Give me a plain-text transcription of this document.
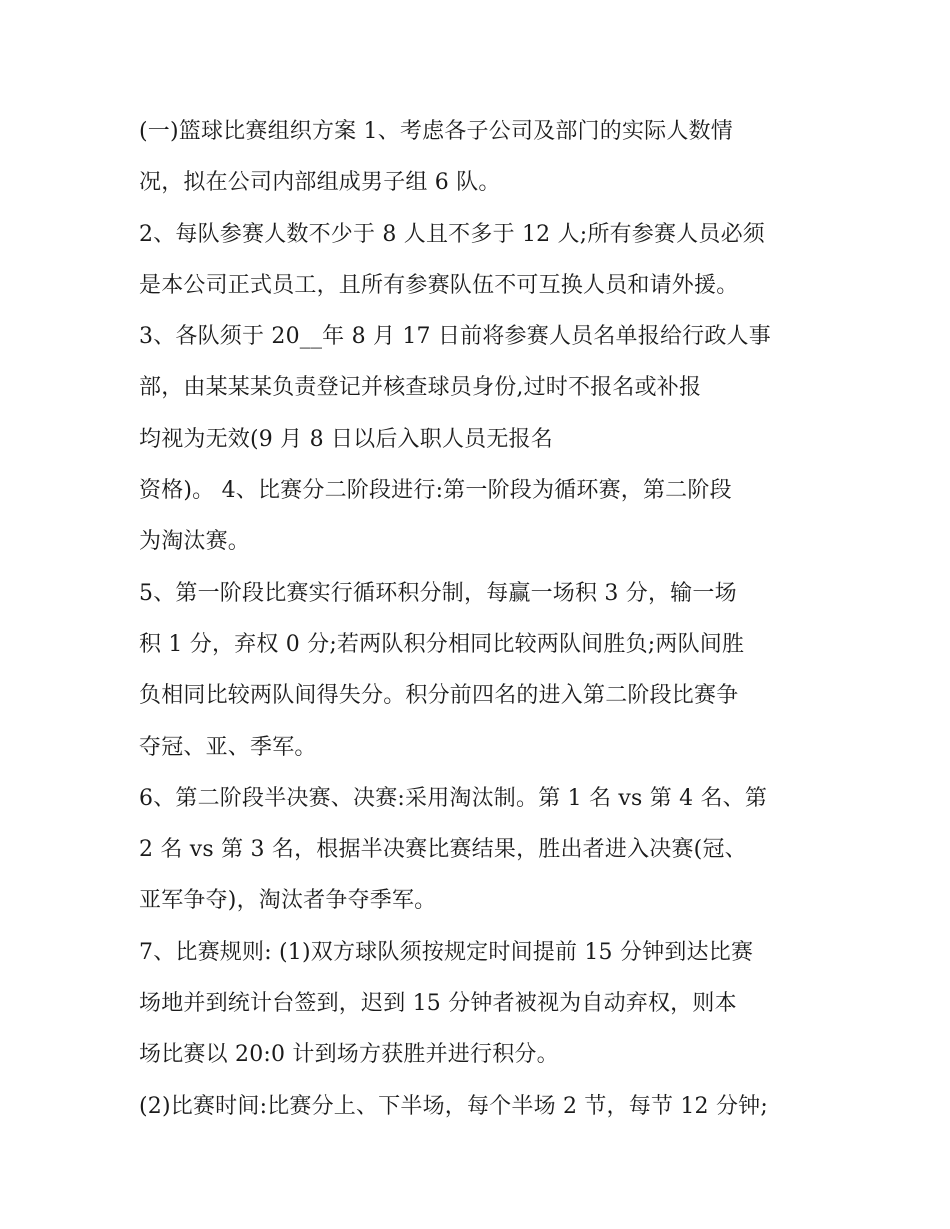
(一)篮球比赛组织方案 1、考虑各子公司及部门的实际人数情
况，拟在公司内部组成男子组 6 队。
2、每队参赛人数不少于 8 人且不多于 12 人;所有参赛人员必须
是本公司正式员工，且所有参赛队伍不可互换人员和请外援。
3、各队须于 20__年 8 月 17 日前将参赛人员名单报给行政人事
部，由某某某负责登记并核查球员身份,过时不报名或补报
均视为无效(9 月 8 日以后入职人员无报名
资格)。 4、比赛分二阶段进行:第一阶段为循环赛，第二阶段
为淘汰赛。
5、第一阶段比赛实行循环积分制，每赢一场积 3 分，输一场
积 1 分，弃权 0 分;若两队积分相同比较两队间胜负;两队间胜
负相同比较两队间得失分。积分前四名的进入第二阶段比赛争
夺冠、亚、季军。
6、第二阶段半决赛、决赛:采用淘汰制。第 1 名 vs 第 4 名、第
2 名 vs 第 3 名，根据半决赛比赛结果，胜出者进入决赛(冠、
亚军争夺)，淘汰者争夺季军。
7、比赛规则: (1)双方球队须按规定时间提前 15 分钟到达比赛
场地并到统计台签到，迟到 15 分钟者被视为自动弃权，则本
场比赛以 20:0 计到场方获胜并进行积分。
(2)比赛时间:比赛分上、下半场，每个半场 2 节，每节 12 分钟;
